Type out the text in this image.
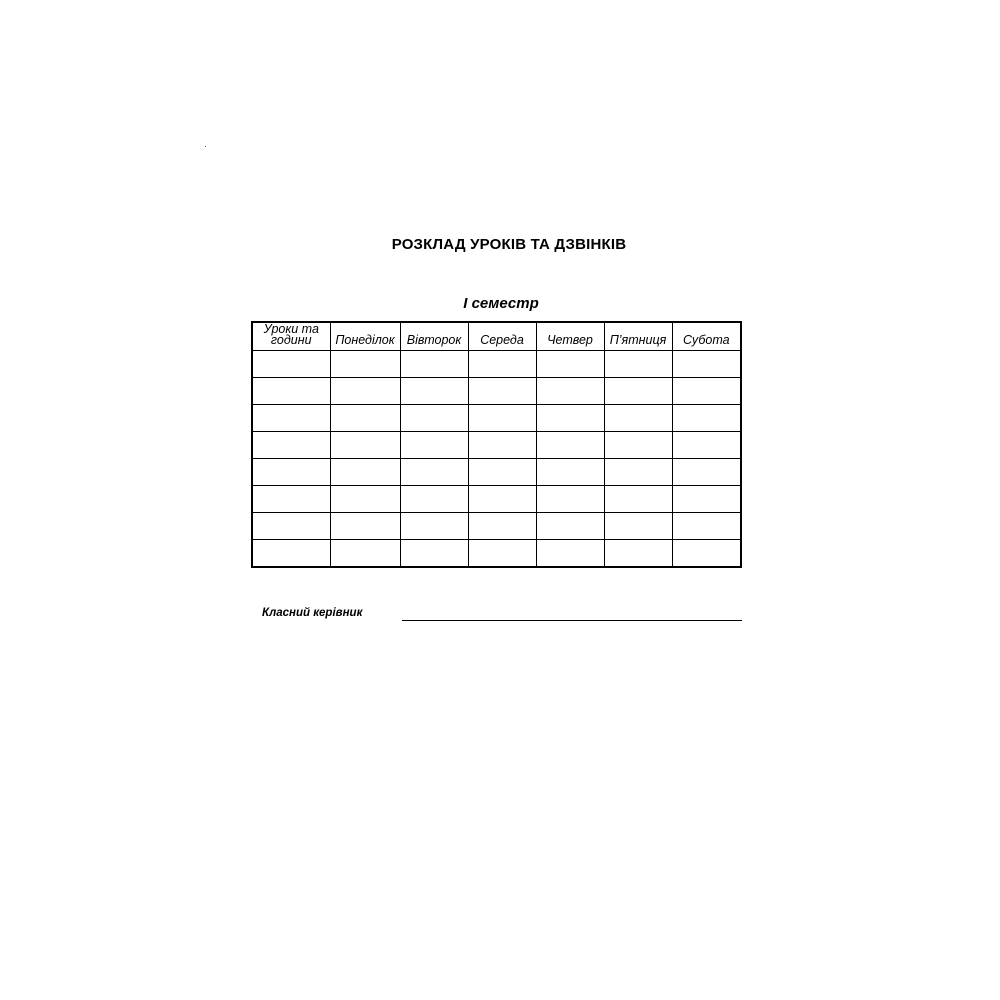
РОЗКЛАД УРОКІВ ТА ДЗВІНКІВ
І семестр
Уроки та
години	Понеділок	Вівторок	Середа	Четвер	П’ятниця	Субота

Класний керівник
